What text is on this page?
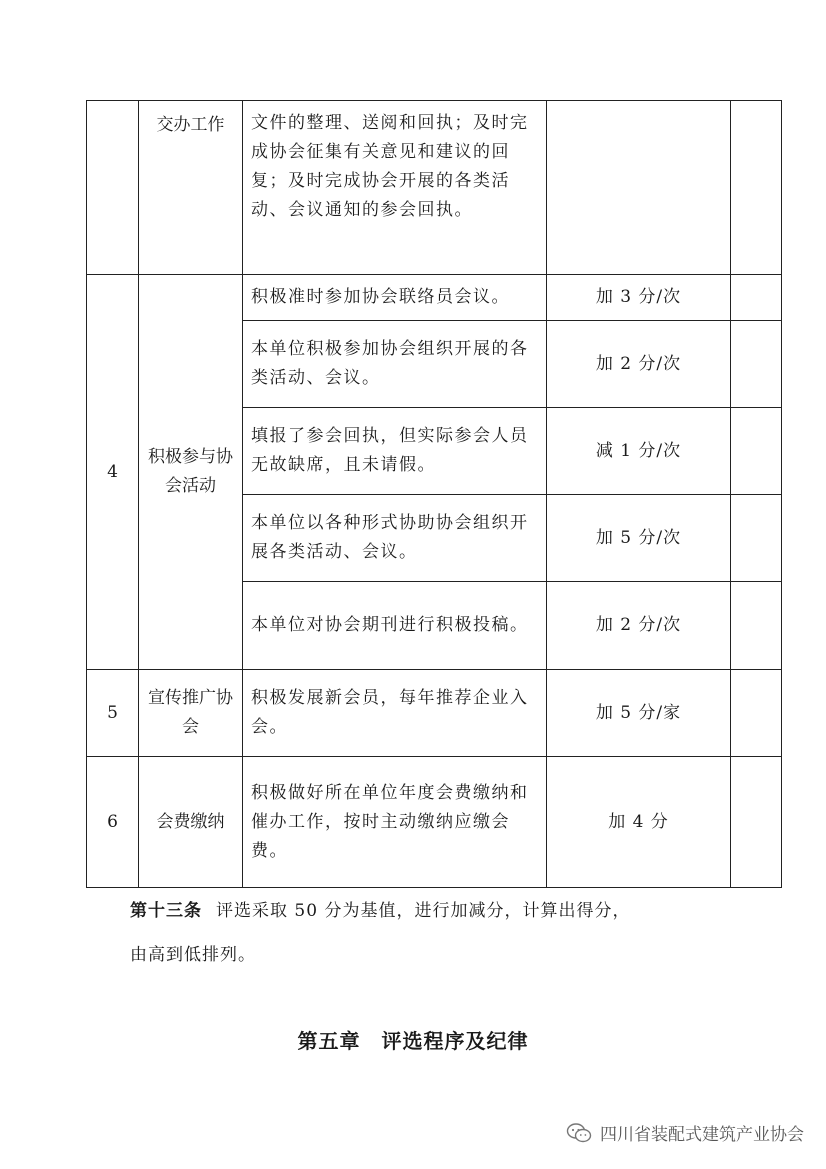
	交办工作	文件的整理、送阅和回执；及时完成协会征集有关意见和建议的回复；及时完成协会开展的各类活动、会议通知的参会回执。		
4	积极参与协会活动	积极准时参加协会联络员会议。	加 3 分/次	
		本单位积极参加协会组织开展的各类活动、会议。	加 2 分/次	
		填报了参会回执，但实际参会人员无故缺席，且未请假。	减 1 分/次	
		本单位以各种形式协助协会组织开展各类活动、会议。	加 5 分/次	
		本单位对协会期刊进行积极投稿。	加 2 分/次	
5	宣传推广协会	积极发展新会员，每年推荐企业入会。	加 5 分/家	
6	会费缴纳	积极做好所在单位年度会费缴纳和催办工作，按时主动缴纳应缴会费。	加 4 分	
第十三条 评选采取 50 分为基值，进行加减分，计算出得分，
由高到低排列。
第五章　评选程序及纪律
四川省装配式建筑产业协会
